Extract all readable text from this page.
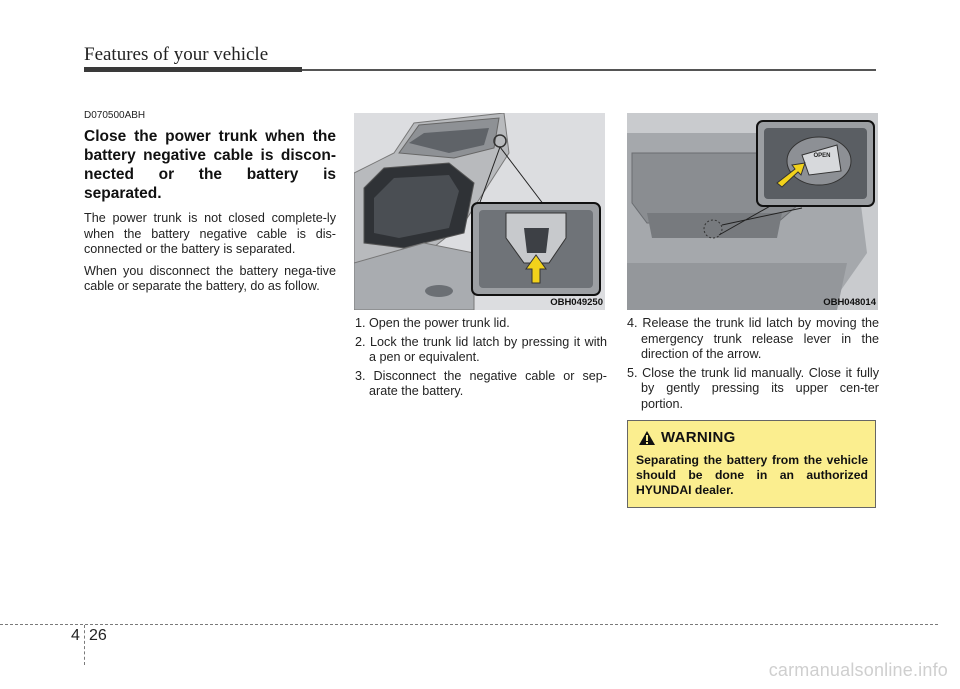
Features of your vehicle
D070500ABH
Close the power trunk when the battery negative cable is discon-nected or the battery is separated.

The power trunk is not closed complete-ly when the battery negative cable is dis-connected or the battery is separated.

When you disconnect the battery nega-tive cable or separate the battery, do as follow.

OBH049250
OPEN
OBH048014
1. Open the power trunk lid.
2. Lock the trunk lid latch by pressing it with a pen or equivalent.
3. Disconnect the negative cable or sep-arate the battery.
4. Release the trunk lid latch by moving the emergency trunk release lever in the direction of the arrow.
5. Close the trunk lid manually. Close it fully by gently pressing its upper cen-ter portion.
WARNING
Separating the battery from the vehicle should be done in an authorized HYUNDAI dealer.
4 26
carmanualsonline.info
